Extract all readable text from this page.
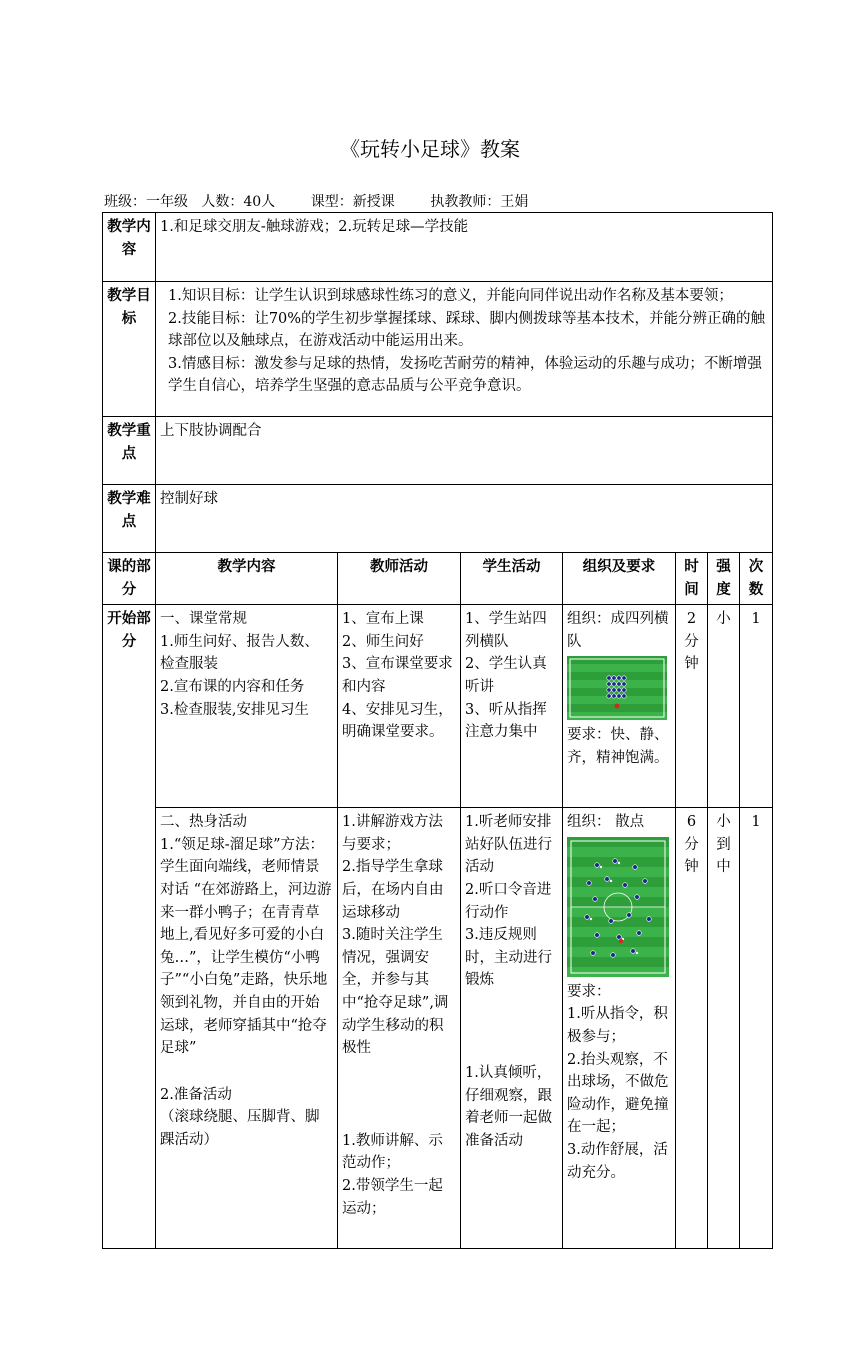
《玩转小足球》教案
班级：一年级 人数：40人	课型：新授课	执教教师：王娟
教学内容	1.和足球交朋友-触球游戏；2.玩转足球—学技能						
教学目标	1.知识目标：让学生认识到球感球性练习的意义，并能向同伴说出动作名称及基本要领；
2.技能目标：让70%的学生初步掌握揉球、踩球、脚内侧拨球等基本技术，并能分辨正确的触球部位以及触球点，在游戏活动中能运用出来。
3.情感目标：激发参与足球的热情，发扬吃苦耐劳的精神，体验运动的乐趣与成功；不断增强学生自信心，培养学生坚强的意志品质与公平竞争意识。						

教学重点	上下肢协调配合						
教学难点	控制好球						
课的部分	教学内容	教师活动	学生活动	组织及要求	时间	强度	次数
开始部分	一、课堂常规
1.师生问好、报告人数、检查服装
2.宣布课的内容和任务
3.检查服装,安排见习生	1、宣布上课
2、师生问好
3、宣布课堂要求和内容
4、安排见习生，明确课堂要求。	1、学生站四列横队
2、学生认真听讲
3、听从指挥注意力集中	组织：成四列横队
要求：快、静、齐，精神饱满。	2分钟	小	1

	二、热身活动
1.“领足球-溜足球”方法：学生面向端线，老师情景对话 “在郊游路上，河边游来一群小鸭子；在青青草地上,看见好多可爱的小白兔…”，让学生模仿“小鸭子”“小白兔”走路，快乐地领到礼物，并自由的开始运球，老师穿插其中“抢夺足球”
2.准备活动
（滚球绕腿、压脚背、脚踝活动）	1.讲解游戏方法与要求；
2.指导学生拿球后，在场内自由运球移动
3.随时关注学生情况，强调安全，并参与其中“抢夺足球”,调动学生移动的积极性
1.教师讲解、示范动作；
2.带领学生一起运动；	1.听老师安排站好队伍进行活动
2.听口令音进行动作
3.违反规则时，主动进行锻炼
1.认真倾听，仔细观察，跟着老师一起做准备活动	组织： 散点
要求：
1.听从指令，积极参与；
2.抬头观察，不出球场，不做危险动作，避免撞在一起；
3.动作舒展，活动充分。	6分钟	小到中	1
